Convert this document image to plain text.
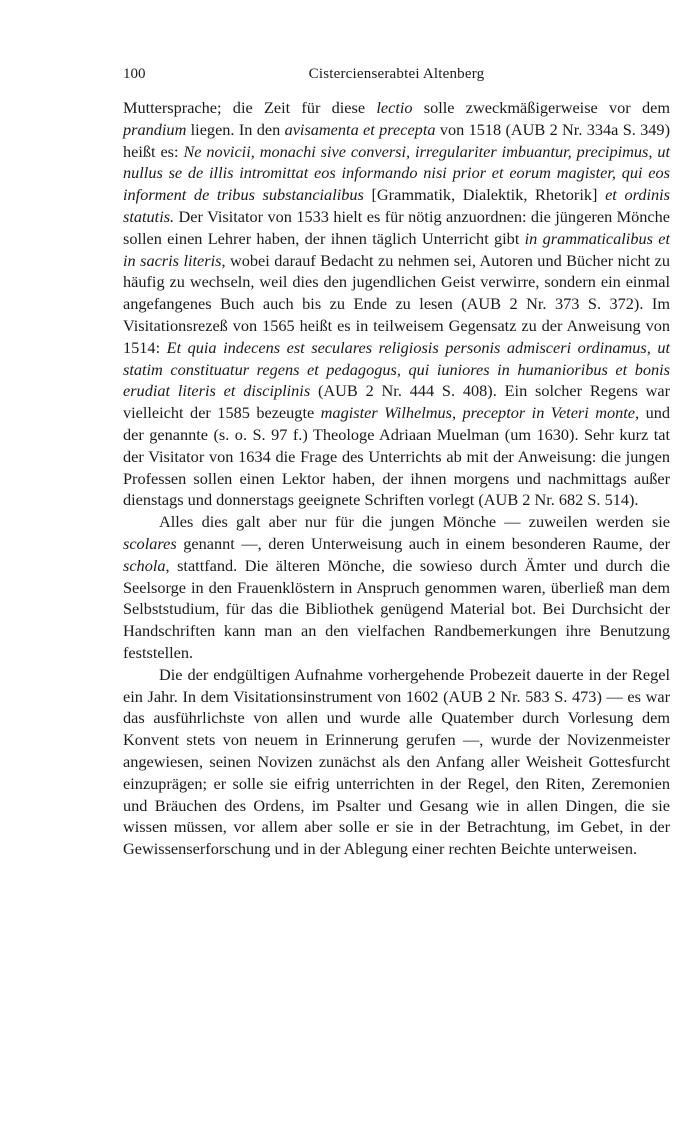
100	Cistercienserabtei Altenberg

Muttersprache; die Zeit für diese lectio solle zweckmäßigerweise vor dem prandium liegen. In den avisamenta et precepta von 1518 (AUB 2 Nr. 334a S. 349) heißt es: Ne novicii, monachi sive conversi, irregulariter imbuantur, precipimus, ut nullus se de illis intromittat eos informando nisi prior et eorum magister, qui eos informent de tribus substancialibus [Grammatik, Dialektik, Rhetorik] et ordinis statutis. Der Visitator von 1533 hielt es für nötig anzuordnen: die jüngeren Mönche sollen einen Lehrer haben, der ihnen täglich Unterricht gibt in grammaticalibus et in sacris literis, wobei darauf Bedacht zu nehmen sei, Autoren und Bücher nicht zu häufig zu wechseln, weil dies den jugendlichen Geist verwirre, sondern ein einmal angefangenes Buch auch bis zu Ende zu lesen (AUB 2 Nr. 373 S. 372). Im Visitationsrezeß von 1565 heißt es in teilweisem Gegensatz zu der Anweisung von 1514: Et quia indecens est seculares religiosis personis admisceri ordinamus, ut statim constituatur regens et pedagogus, qui iuniores in humanioribus et bonis erudiat literis et disciplinis (AUB 2 Nr. 444 S. 408). Ein solcher Regens war vielleicht der 1585 bezeugte magister Wilhelmus, preceptor in Veteri monte, und der genannte (s. o. S. 97 f.) Theologe Adriaan Muelman (um 1630). Sehr kurz tat der Visitator von 1634 die Frage des Unterrichts ab mit der Anweisung: die jungen Professen sollen einen Lektor haben, der ihnen morgens und nachmittags außer dienstags und donnerstags geeignete Schriften vorlegt (AUB 2 Nr. 682 S. 514).

Alles dies galt aber nur für die jungen Mönche — zuweilen werden sie scolares genannt —, deren Unterweisung auch in einem besonderen Raume, der schola, stattfand. Die älteren Mönche, die sowieso durch Ämter und durch die Seelsorge in den Frauenklöstern in Anspruch genommen waren, überließ man dem Selbststudium, für das die Bibliothek genügend Material bot. Bei Durchsicht der Handschriften kann man an den vielfachen Randbemerkungen ihre Benutzung feststellen.

Die der endgültigen Aufnahme vorhergehende Probezeit dauerte in der Regel ein Jahr. In dem Visitationsinstrument von 1602 (AUB 2 Nr. 583 S. 473) — es war das ausführlichste von allen und wurde alle Quatember durch Vorlesung dem Konvent stets von neuem in Erinnerung gerufen —, wurde der Novizenmeister angewiesen, seinen Novizen zunächst als den Anfang aller Weisheit Gottesfurcht einzuprägen; er solle sie eifrig unterrichten in der Regel, den Riten, Zeremonien und Bräuchen des Ordens, im Psalter und Gesang wie in allen Dingen, die sie wissen müssen, vor allem aber solle er sie in der Betrachtung, im Gebet, in der Gewissenserforschung und in der Ablegung einer rechten Beichte unterweisen.
